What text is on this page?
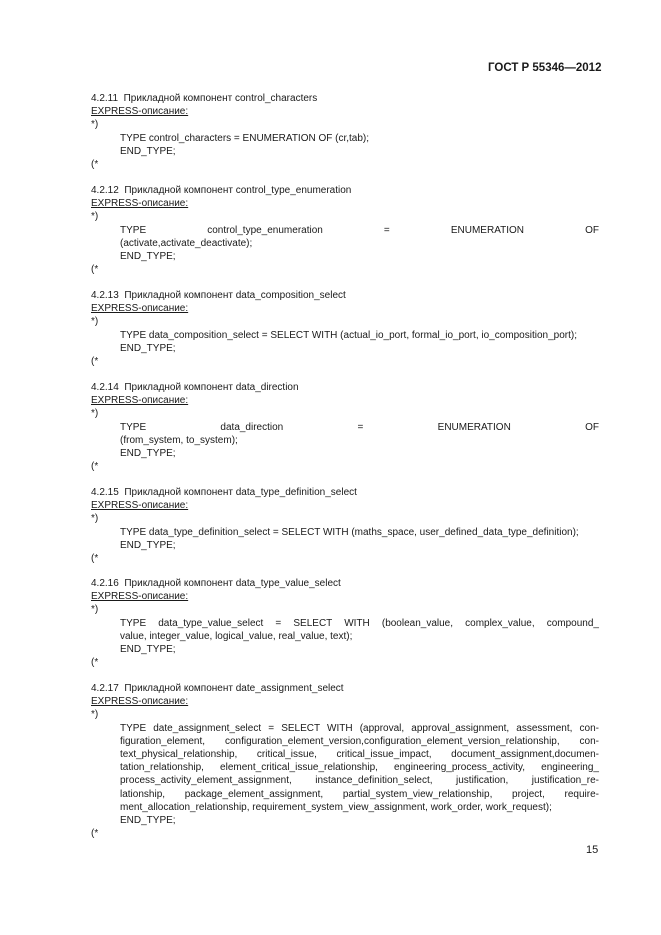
ГОСТ Р 55346—2012
4.2.11  Прикладной компонент control_characters
EXPRESS-описание:
*)
TYPE control_characters = ENUMERATION OF (cr,tab);
END_TYPE;
(*
4.2.12  Прикладной компонент control_type_enumeration
EXPRESS-описание:
*)
TYPE control_type_enumeration = ENUMERATION OF
(activate,activate_deactivate);
END_TYPE;
(*
4.2.13  Прикладной компонент data_composition_select
EXPRESS-описание:
*)
TYPE data_composition_select = SELECT WITH (actual_io_port, formal_io_port, io_composition_port);
END_TYPE;
(*
4.2.14  Прикладной компонент data_direction
EXPRESS-описание:
*)
TYPE data_direction = ENUMERATION OF
(from_system, to_system);
END_TYPE;
(*
4.2.15  Прикладной компонент data_type_definition_select
EXPRESS-описание:
*)
TYPE data_type_definition_select = SELECT WITH (maths_space, user_defined_data_type_definition);
END_TYPE;
(*
4.2.16  Прикладной компонент data_type_value_select
EXPRESS-описание:
*)
TYPE data_type_value_select = SELECT WITH (boolean_value, complex_value, compound_
value, integer_value, logical_value, real_value, text);
END_TYPE;
(*
4.2.17  Прикладной компонент date_assignment_select
EXPRESS-описание:
*)
TYPE date_assignment_select = SELECT WITH (approval, approval_assignment, assessment, con-
figuration_element, configuration_element_version,configuration_element_version_relationship, con-
text_physical_relationship, critical_issue, critical_issue_impact, document_assignment,documen-
tation_relationship, element_critical_issue_relationship, engineering_process_activity, engineering_
process_activity_element_assignment, instance_definition_select, justification, justification_re-
lationship, package_element_assignment, partial_system_view_relationship, project, require-
ment_allocation_relationship, requirement_system_view_assignment, work_order, work_request);
END_TYPE;
(*
15
